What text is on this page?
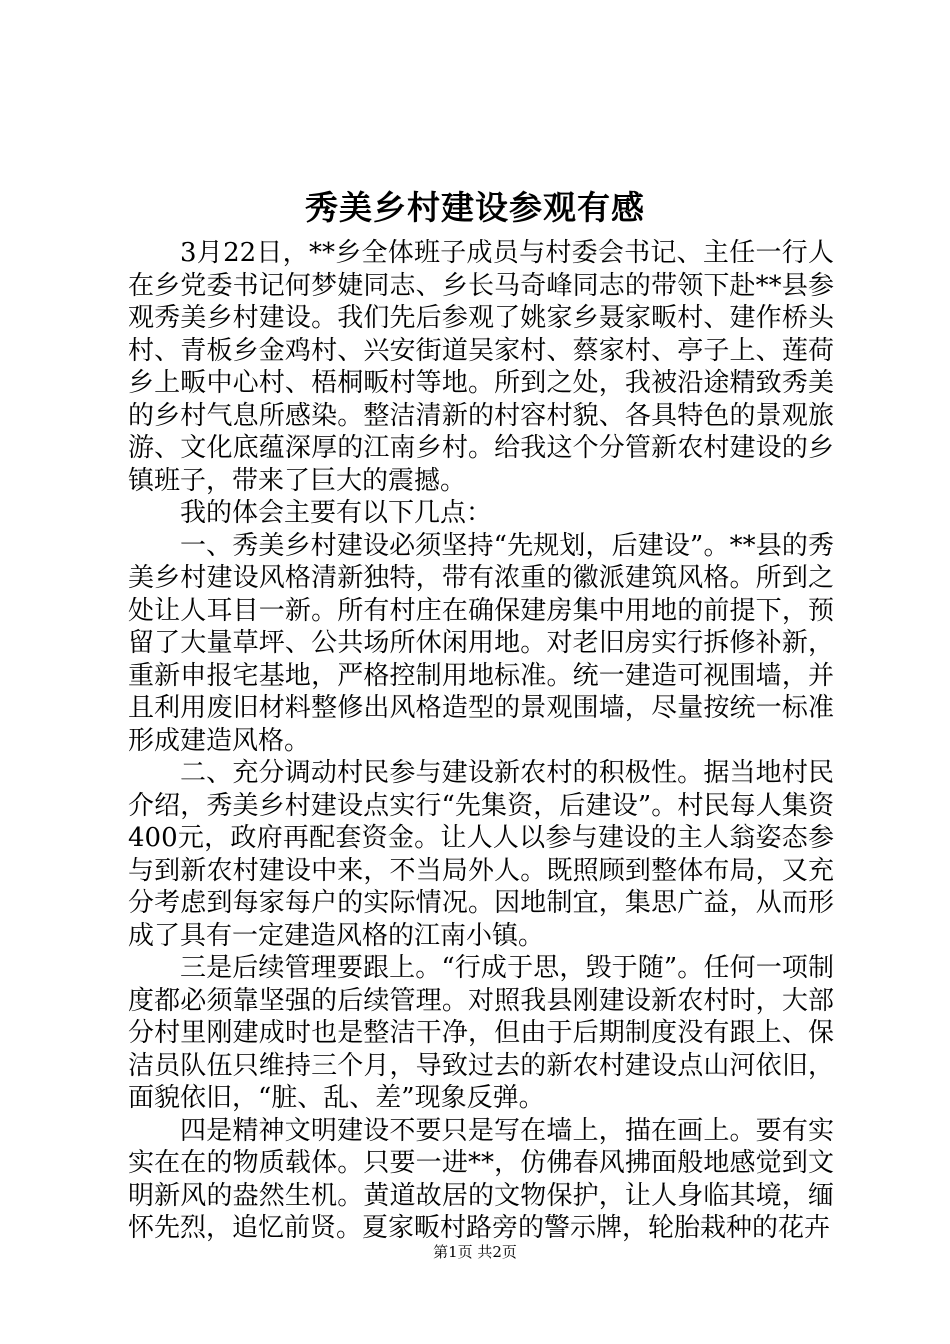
秀美乡村建设参观有感

3月22日，**乡全体班子成员与村委会书记、主任一行人在乡党委书记何梦婕同志、乡长马奇峰同志的带领下赴**县参观秀美乡村建设。我们先后参观了姚家乡聂家畈村、建作桥头村、青板乡金鸡村、兴安街道吴家村、蔡家村、亭子上、莲荷乡上畈中心村、梧桐畈村等地。所到之处，我被沿途精致秀美的乡村气息所感染。整洁清新的村容村貌、各具特色的景观旅游、文化底蕴深厚的江南乡村。给我这个分管新农村建设的乡镇班子，带来了巨大的震撼。

我的体会主要有以下几点：

一、秀美乡村建设必须坚持“先规划，后建设”。**县的秀美乡村建设风格清新独特，带有浓重的徽派建筑风格。所到之处让人耳目一新。所有村庄在确保建房集中用地的前提下，预留了大量草坪、公共场所休闲用地。对老旧房实行拆修补新，重新申报宅基地，严格控制用地标准。统一建造可视围墙，并且利用废旧材料整修出风格造型的景观围墙，尽量按统一标准形成建造风格。

二、充分调动村民参与建设新农村的积极性。据当地村民介绍，秀美乡村建设点实行“先集资，后建设”。村民每人集资400元，政府再配套资金。让人人以参与建设的主人翁姿态参与到新农村建设中来，不当局外人。既照顾到整体布局，又充分考虑到每家每户的实际情况。因地制宜，集思广益，从而形成了具有一定建造风格的江南小镇。

三是后续管理要跟上。“行成于思，毁于随”。任何一项制度都必须靠坚强的后续管理。对照我县刚建设新农村时，大部分村里刚建成时也是整洁干净，但由于后期制度没有跟上、保洁员队伍只维持三个月，导致过去的新农村建设点山河依旧，面貌依旧，“脏、乱、差”现象反弹。

四是精神文明建设不要只是写在墙上，描在画上。要有实实在在的物质载体。只要一进**，仿佛春风拂面般地感觉到文明新风的盎然生机。黄道故居的文物保护，让人身临其境，缅怀先烈，追忆前贤。夏家畈村路旁的警示牌，轮胎栽种的花卉

第1页 共2页
